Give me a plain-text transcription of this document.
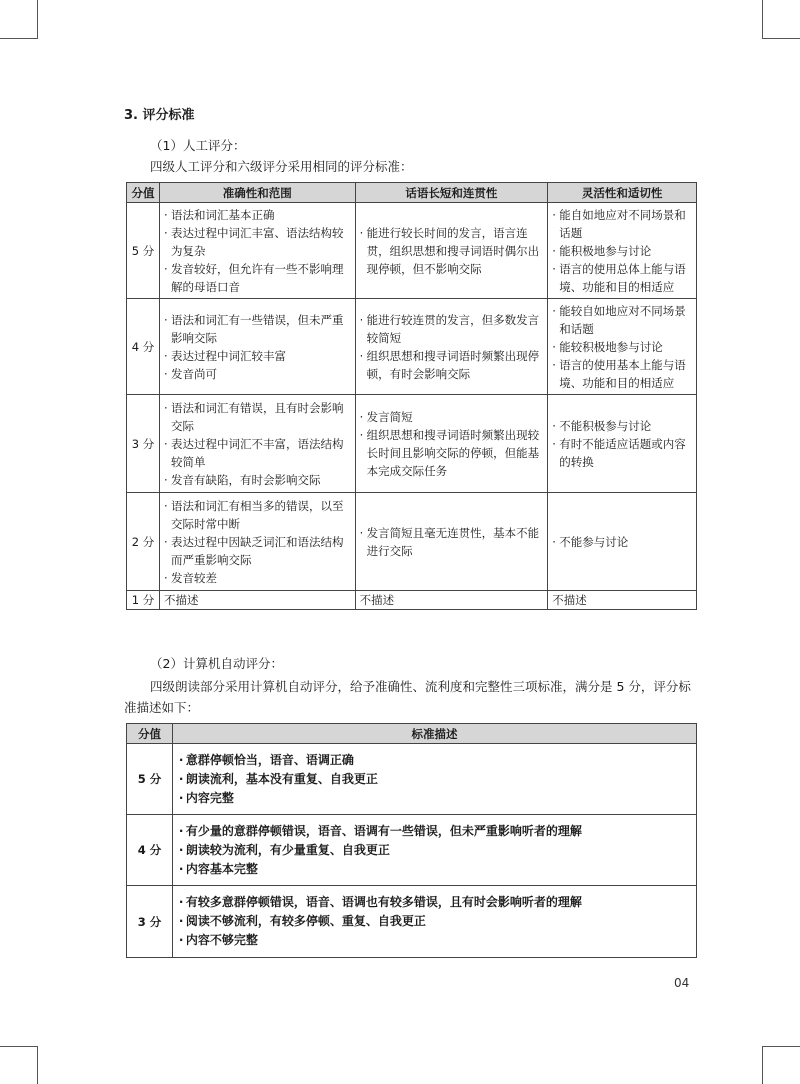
3. 评分标准
（1）人工评分：
四级人工评分和六级评分采用相同的评分标准：
分值	准确性和范围	话语长短和连贯性	灵活性和适切性
5 分	· 语法和词汇基本正确
· 表达过程中词汇丰富、语法结构较为复杂
· 发音较好，但允许有一些不影响理解的母语口音	· 能进行较长时间的发言，语言连贯，组织思想和搜寻词语时偶尔出现停顿，但不影响交际	· 能自如地应对不同场景和话题
· 能积极地参与讨论
· 语言的使用总体上能与语境、功能和目的相适应

4 分	· 语法和词汇有一些错误，但未严重影响交际
· 表达过程中词汇较丰富
· 发音尚可	· 能进行较连贯的发言，但多数发言较简短
· 组织思想和搜寻词语时频繁出现停顿，有时会影响交际	· 能较自如地应对不同场景和话题
· 能较积极地参与讨论
· 语言的使用基本上能与语境、功能和目的相适应

3 分	· 语法和词汇有错误，且有时会影响交际
· 表达过程中词汇不丰富，语法结构较简单
· 发音有缺陷，有时会影响交际	· 发言简短
· 组织思想和搜寻词语时频繁出现较长时间且影响交际的停顿，但能基本完成交际任务	· 不能积极参与讨论
· 有时不能适应话题或内容的转换

2 分	· 语法和词汇有相当多的错误，以至交际时常中断
· 表达过程中因缺乏词汇和语法结构而严重影响交际
· 发音较差	· 发言简短且毫无连贯性，基本不能进行交际	· 不能参与讨论

1 分	不描述	不描述	不描述
（2）计算机自动评分：
四级朗读部分采用计算机自动评分，给予准确性、流利度和完整性三项标准，满分是 5 分，评分标准描述如下：
分值	标准描述
5 分	· 意群停顿恰当，语音、语调正确
· 朗读流利，基本没有重复、自我更正
· 内容完整

4 分	· 有少量的意群停顿错误，语音、语调有一些错误，但未严重影响听者的理解
· 朗读较为流利，有少量重复、自我更正
· 内容基本完整

3 分	· 有较多意群停顿错误，语音、语调也有较多错误，且有时会影响听者的理解
· 阅读不够流利，有较多停顿、重复、自我更正
· 内容不够完整
04
